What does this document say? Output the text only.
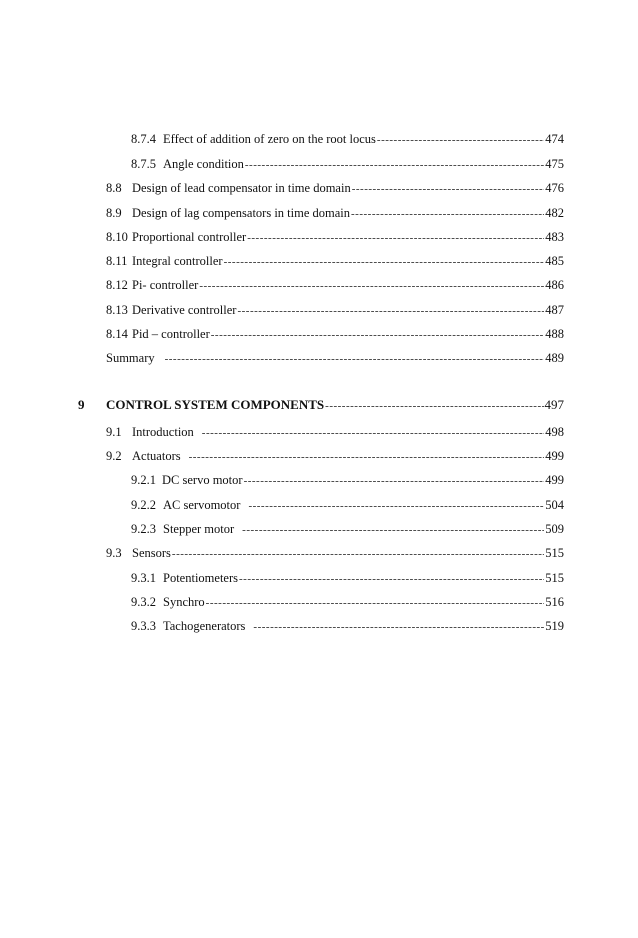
8.7.4 Effect of addition of zero on the root locus -----	474
8.7.5 Angle condition -----	475
8.8 Design of lead compensator in time domain -----	476
8.9 Design of lag compensators in time domain -----	482
8.10 Proportional controller -----	483
8.11 Integral controller -----	485
8.12 Pi- controller -----	486
8.13 Derivative controller -----	487
8.14 Pid – controller -----	488
Summary -----	489
9 CONTROL SYSTEM COMPONENTS -----	497
9.1 Introduction -----	498
9.2 Actuators -----	499
9.2.1 DC servo motor -----	499
9.2.2 AC servomotor -----	504
9.2.3 Stepper motor -----	509
9.3 Sensors -----	515
9.3.1 Potentiometers -----	515
9.3.2 Synchro -----	516
9.3.3 Tachogenerators -----	519
